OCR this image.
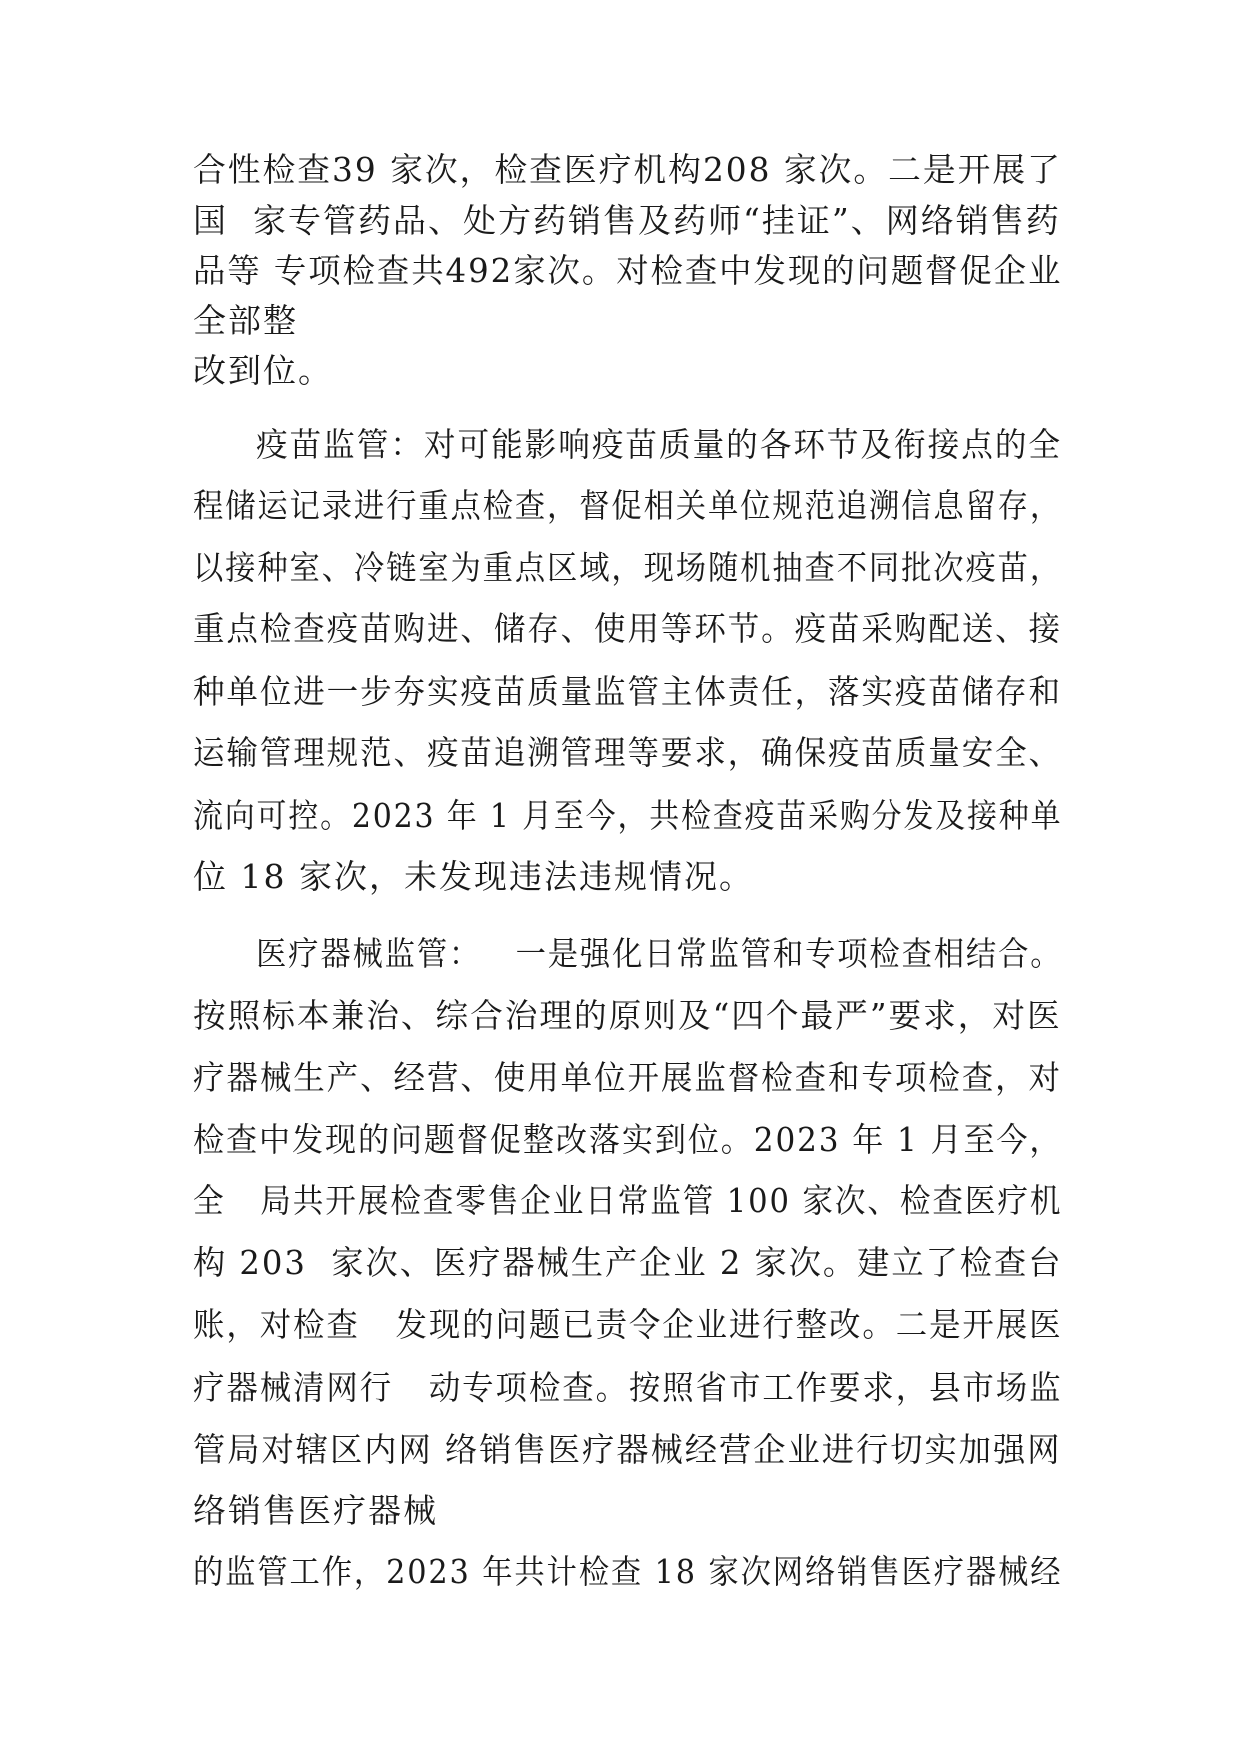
合性检查39 家次，检查医疗机构208 家次。二是开展了
国  家专管药品、处方药销售及药师“挂证”、网络销售药
品等 专项检查共492家次。对检查中发现的问题督促企业
全部整
改到位。
疫苗监管：对可能影响疫苗质量的各环节及衔接点的全
程储运记录进行重点检查，督促相关单位规范追溯信息留存，
以接种室、冷链室为重点区域，现场随机抽查不同批次疫苗，
重点检查疫苗购进、储存、使用等环节。疫苗采购配送、接
种单位进一步夯实疫苗质量监管主体责任，落实疫苗储存和
运输管理规范、疫苗追溯管理等要求，确保疫苗质量安全、
流向可控。2023 年 1 月至今，共检查疫苗采购分发及接种单
位 18 家次，未发现违法违规情况。
医疗器械监管：   一是强化日常监管和专项检查相结合。
按照标本兼治、综合治理的原则及“四个最严”要求，对医
疗器械生产、经营、使用单位开展监督检查和专项检查，对
检查中发现的问题督促整改落实到位。2023 年 1 月至今，
全   局共开展检查零售企业日常监管 100 家次、检查医疗机
构 203  家次、医疗器械生产企业 2 家次。建立了检查台
账，对检查   发现的问题已责令企业进行整改。二是开展医
疗器械清网行   动专项检查。按照省市工作要求，县市场监
管局对辖区内网 络销售医疗器械经营企业进行切实加强网
络销售医疗器械
的监管工作，2023 年共计检查 18 家次网络销售医疗器械经
